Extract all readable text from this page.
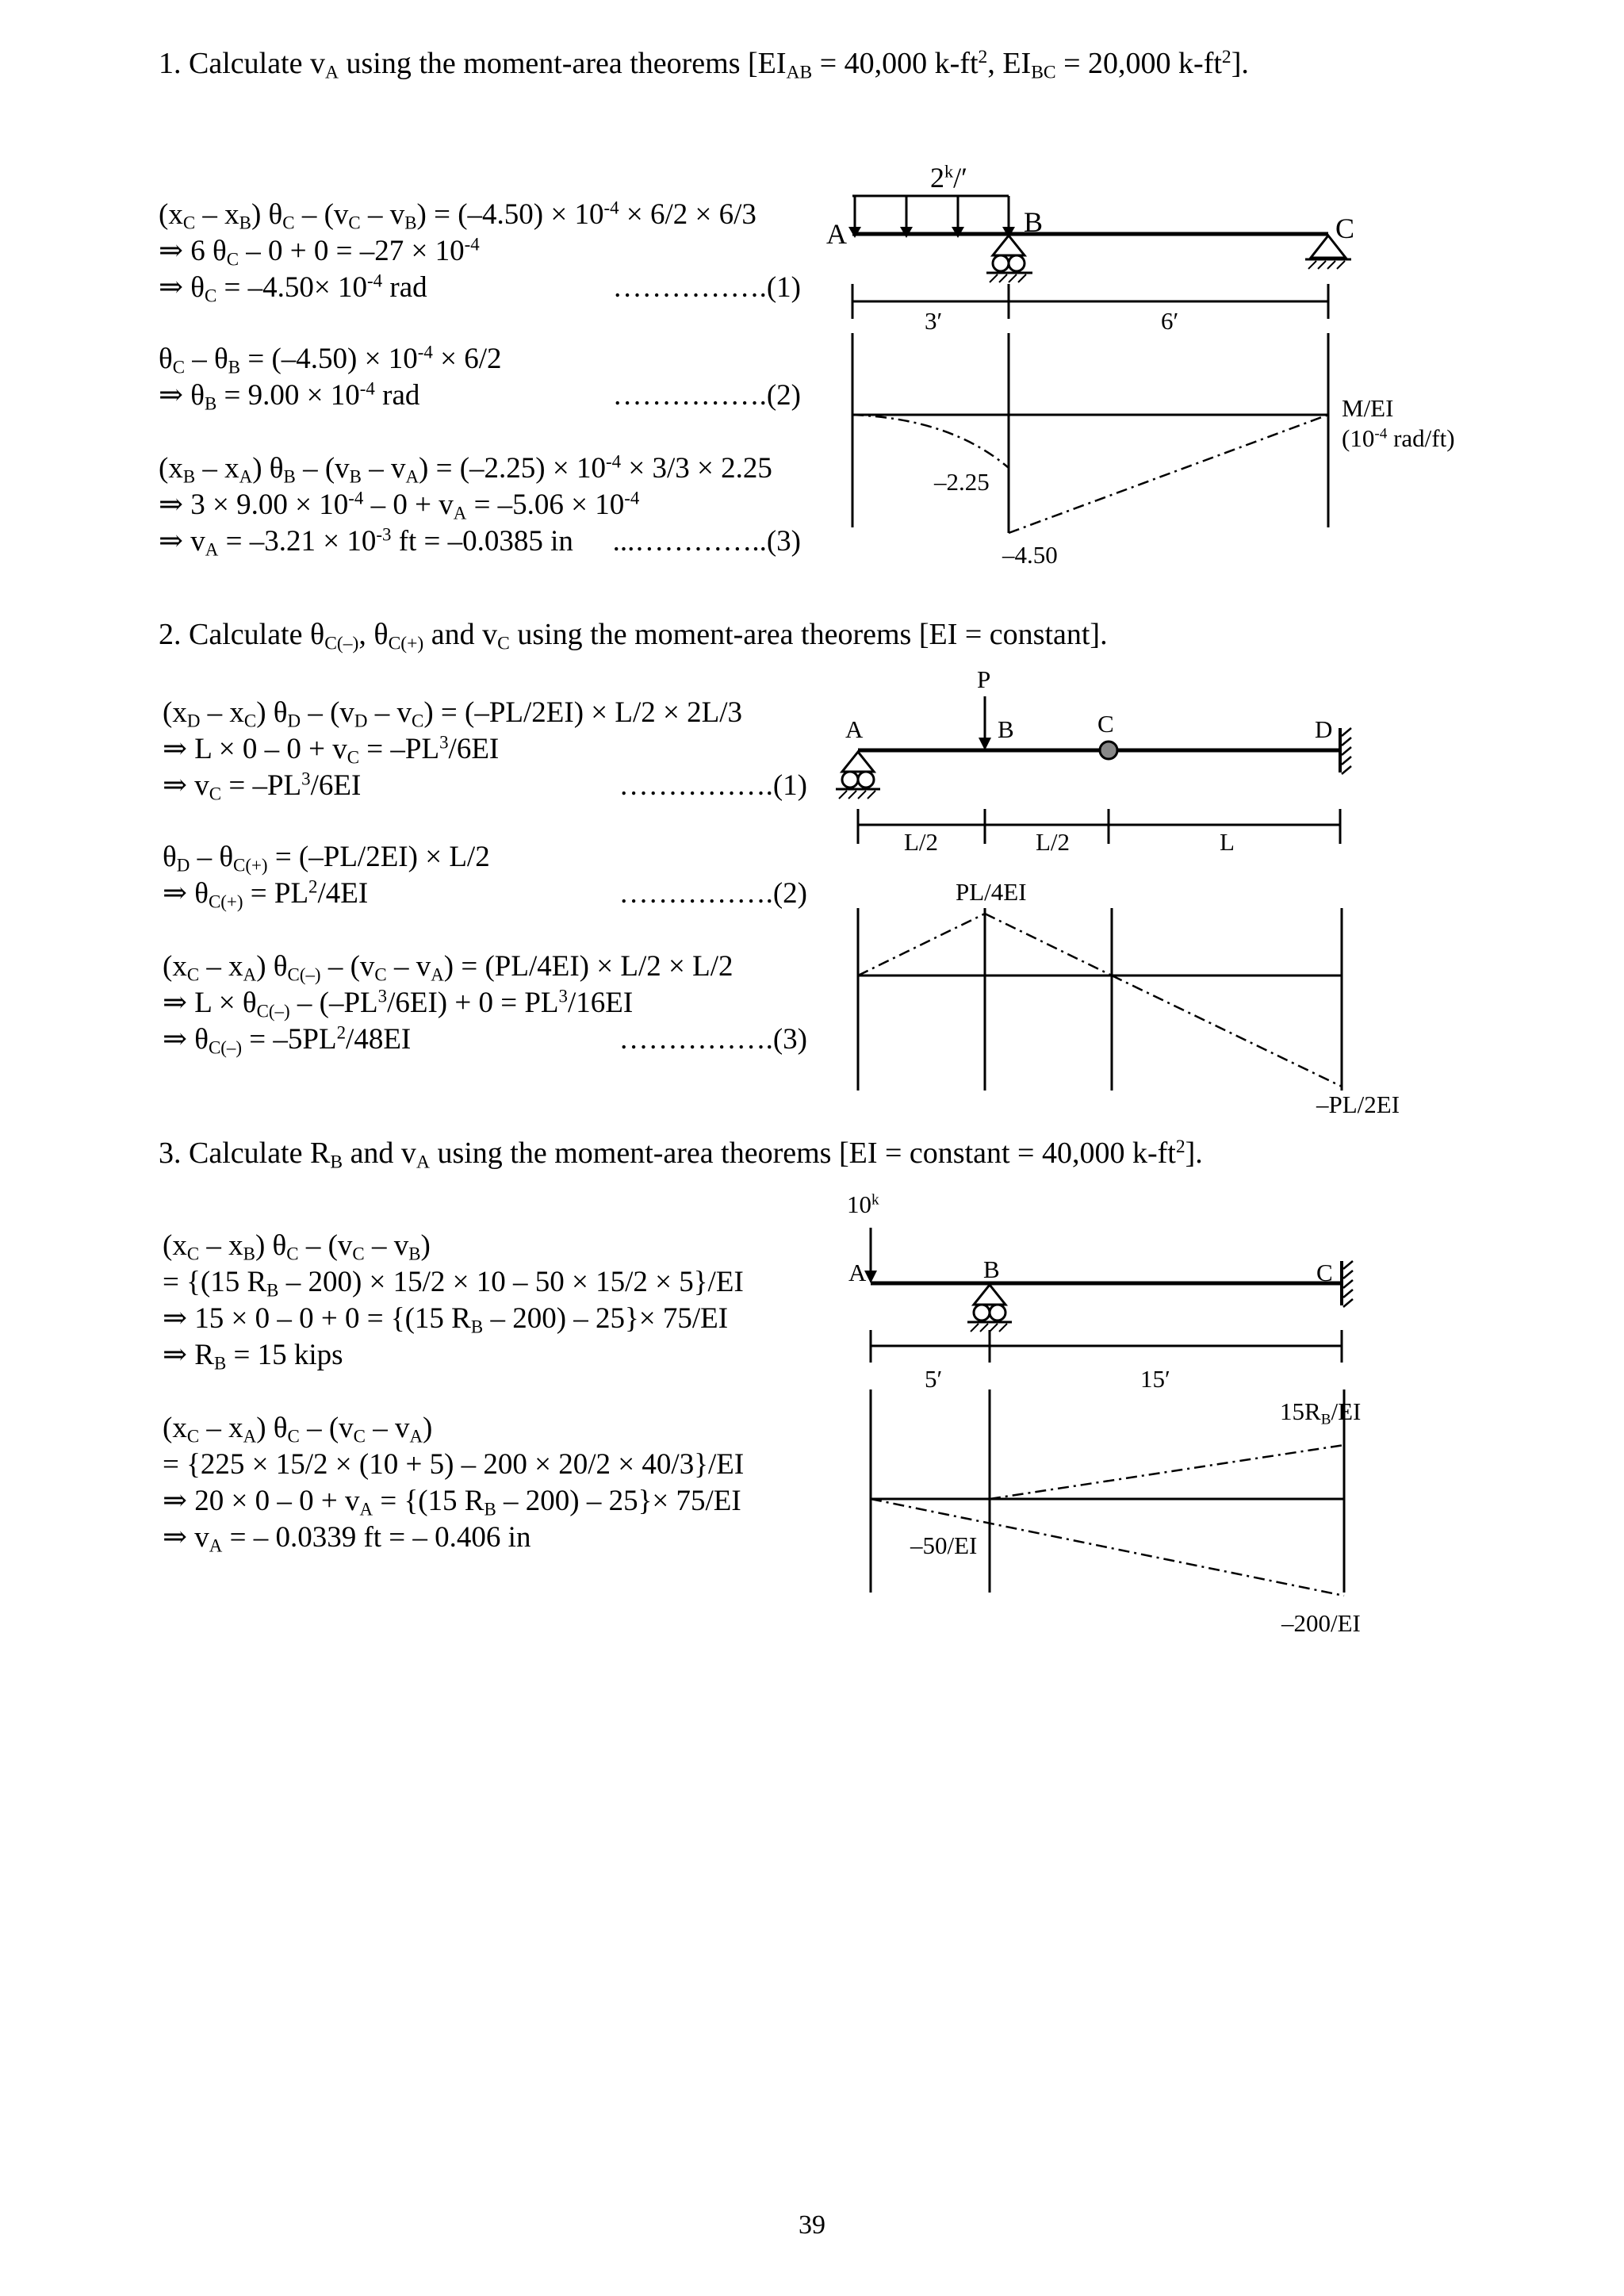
1. Calculate $v_A$ using the moment-area theorems [$EI_{AB} = 40,000$ $k-ft^2$, $EI_{BC} = 20,000$ $k-ft^2$].
$(x_C - x_B)$ $\theta_C - (v_C - v_B) = (-4.50) \times 10^{-4} \times 6/2 \times 6/3$
⇒ 6 $\theta_C - 0 + 0 = -27 \times 10^{-4}$
⇒ $\theta_C = -4.50\times 10^{-4}$ rad	…………….(1)
$\theta_C - \theta_B = (-4.50) \times 10^{-4} \times 6/2$
⇒ $\theta_B = 9.00 \times 10^{-4}$ rad	…………….(2)
$(x_B - x_A)$ $\theta_B - (v_B - v_A) = (-2.25) \times 10^{-4} \times 3/3 \times 2.25$
⇒ $3 \times 9.00 \times 10^{-4} - 0 + v_A = -5.06 \times 10^{-4}$
⇒ $v_A = -3.21 \times 10^{-3}$ ft = –0.0385 in	...…………..(3)
2$^k$/′
A	B	C
3′	6′
M/EI
($10^{-4}$ rad/ft)
–2.25
–4.50
2. Calculate $\theta_{C(-)}$, $\theta_{C(+)}$ and $v_C$ using the moment-area theorems [EI = constant].
$(x_D - x_C)$ $\theta_D - (v_D - v_C) = (-PL/2EI) \times L/2 \times 2L/3$
⇒ $L \times 0 - 0 + v_C = -PL^3/6EI$
⇒ $v_C = -PL^3/6EI$	…………….(1)
$\theta_D - \theta_{C(+)} = (-PL/2EI) \times L/2$
⇒ $\theta_{C(+)} = PL^2/4EI$	…………….(2)
$(x_C - x_A)$ $\theta_{C(-)} - (v_C - v_A) = (PL/4EI) \times L/2 \times L/2$
⇒ $L \times \theta_{C(-)} - (-PL^3/6EI) + 0 = PL^3/16EI$
⇒ $\theta_{C(-)} = -5PL^2/48EI$	…………….(3)
P
A	B	C	D
L/2	L/2	L
PL/4EI
–PL/2EI
3. Calculate $R_B$ and $v_A$ using the moment-area theorems [EI = constant = 40,000 $k-ft^2$].
$(x_C - x_B)$ $\theta_C - (v_C - v_B)$
= {(15 $R_B - 200) \times 15/2 \times 10 - 50 \times 15/2 \times 5\}/EI$
⇒ 15 × 0 – 0 + 0 = {(15 $R_B - 200) - 25\}\times 75/EI$
⇒ $R_B = 15$ kips
$(x_C - x_A)$ $\theta_C - (v_C - v_A)$
= {225 × 15/2 × (10 + 5) – 200 × 20/2 × 40/3}/EI
⇒ $20 \times 0 - 0 + v_A = \{(15$ $R_B - 200) - 25\}\times 75/EI$
⇒ $v_A$ = – 0.0339 ft = – 0.406 in
10$^k$
A	B	C
5′	15′
$15R_B/EI$
–50/EI
–200/EI
39
